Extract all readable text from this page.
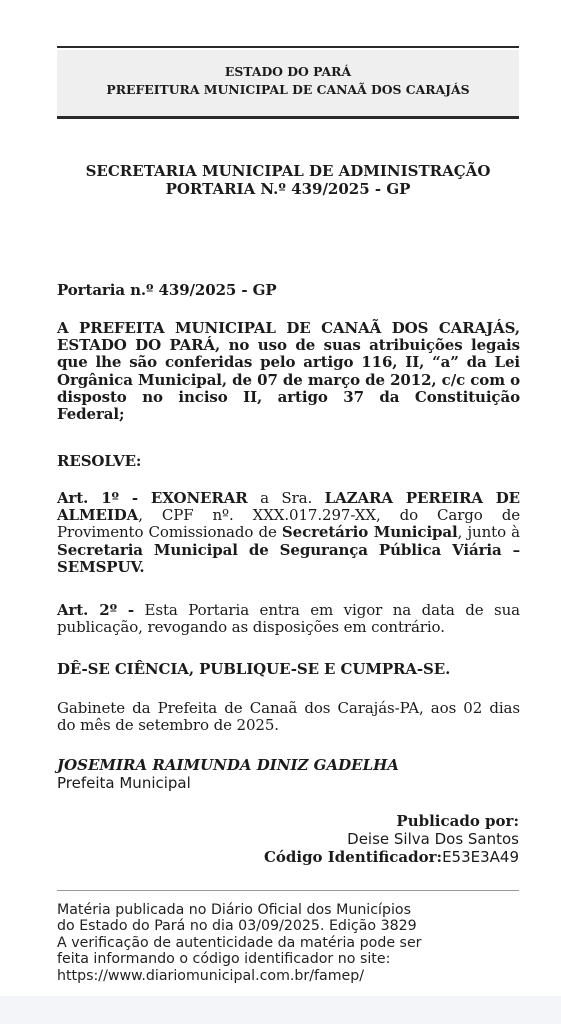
ESTADO DO PARÁ
PREFEITURA MUNICIPAL DE CANAÃ DOS CARAJÁS
SECRETARIA MUNICIPAL DE ADMINISTRAÇÃO
PORTARIA N.º 439/2025 - GP
Portaria n.º 439/2025 - GP
A PREFEITA MUNICIPAL DE CANAÃ DOS CARAJÁS, ESTADO DO PARÁ, no uso de suas atribuições legais que lhe são conferidas pelo artigo 116, II, “a” da Lei Orgânica Municipal, de 07 de março de 2012, c/c com o disposto no inciso II, artigo 37 da Constituição Federal;
RESOLVE:
Art. 1º - EXONERAR a Sra. LAZARA PEREIRA DE ALMEIDA, CPF nº. XXX.017.297-XX, do Cargo de Provimento Comissionado de Secretário Municipal, junto à Secretaria Municipal de Segurança Pública Viária – SEMSPUV.
Art. 2º - Esta Portaria entra em vigor na data de sua publicação, revogando as disposições em contrário.
DÊ-SE CIÊNCIA, PUBLIQUE-SE E CUMPRA-SE.
Gabinete da Prefeita de Canaã dos Carajás-PA, aos 02 dias do mês de setembro de 2025.
JOSEMIRA RAIMUNDA DINIZ GADELHA
Prefeita Municipal
Publicado por:
Deise Silva Dos Santos
Código Identificador:E53E3A49
Matéria publicada no Diário Oficial dos Municípios
do Estado do Pará no dia 03/09/2025. Edição 3829
A verificação de autenticidade da matéria pode ser
feita informando o código identificador no site:
https://www.diariomunicipal.com.br/famep/
